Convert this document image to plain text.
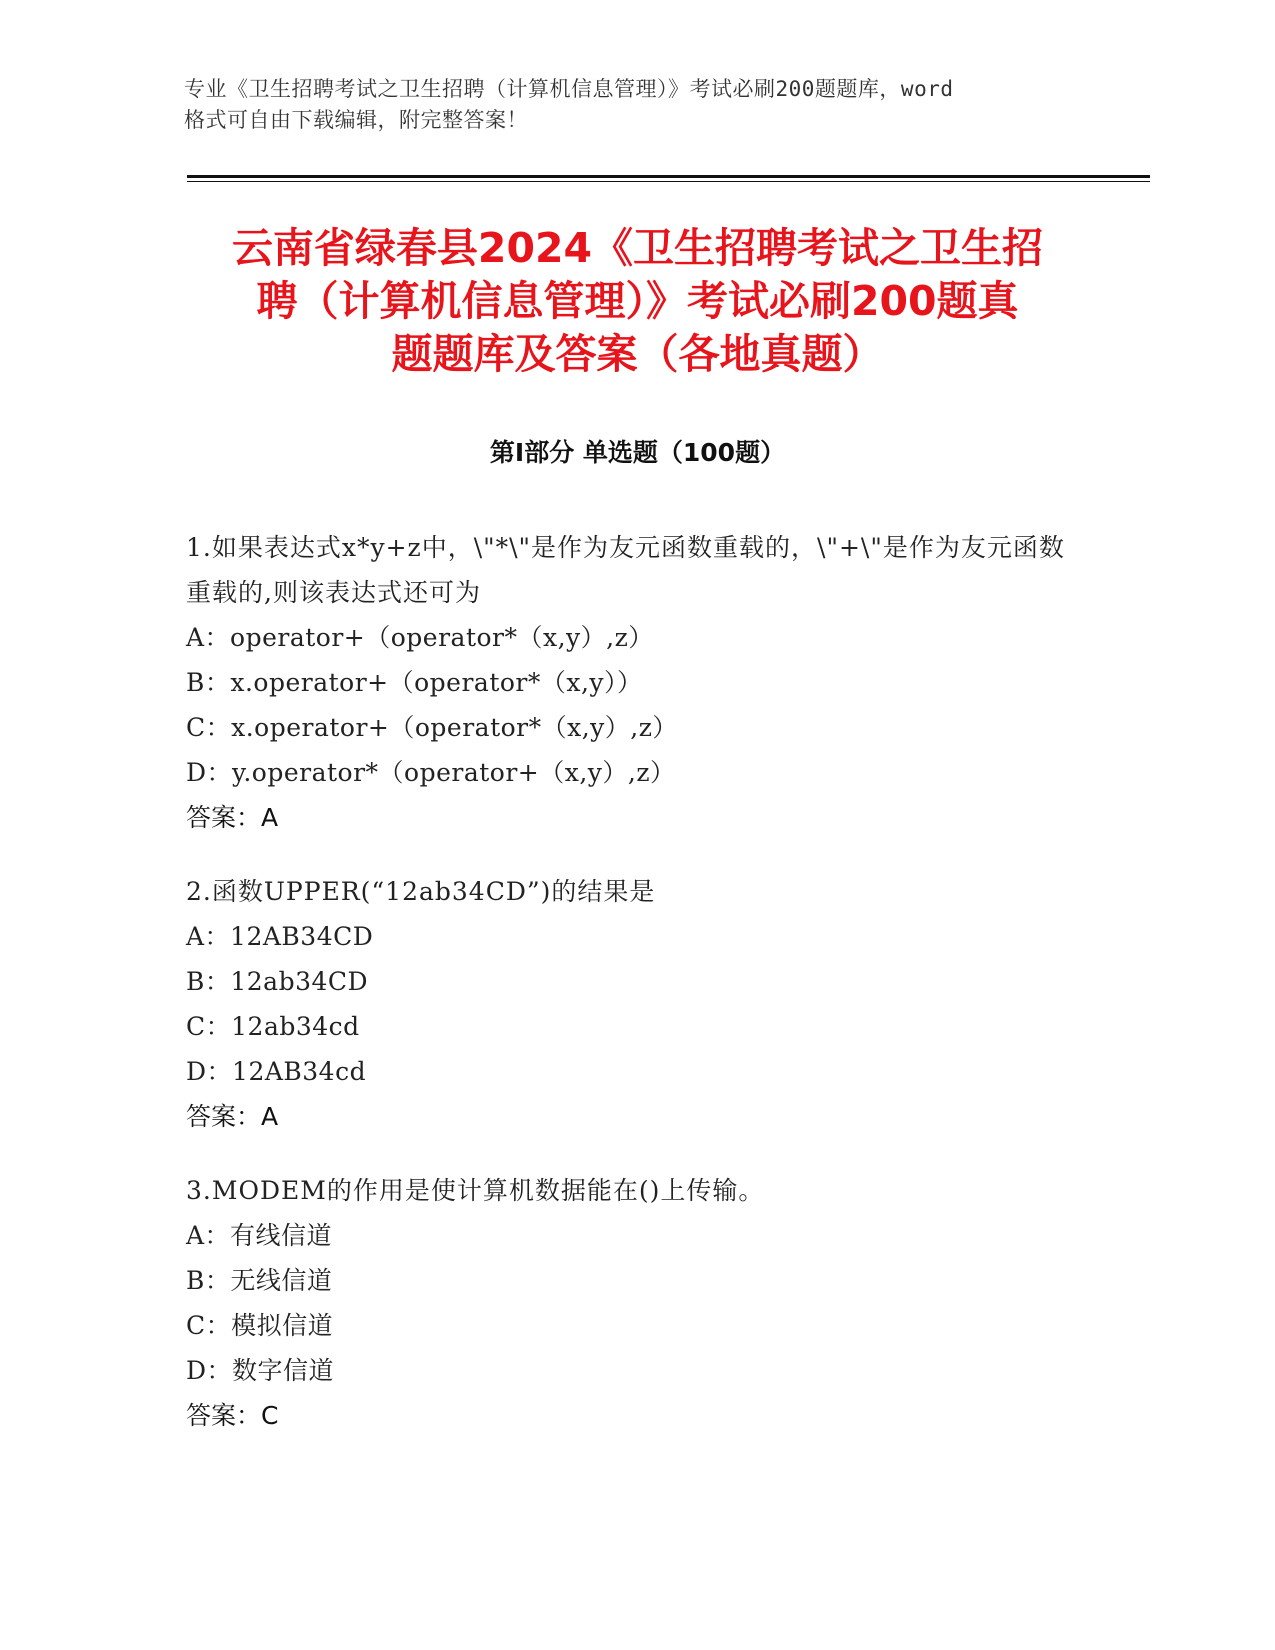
专业《卫生招聘考试之卫生招聘（计算机信息管理）》考试必刷200题题库，word
格式可自由下载编辑，附完整答案！
云南省绿春县2024《卫生招聘考试之卫生招
聘（计算机信息管理）》考试必刷200题真
题题库及答案（各地真题）
第Ⅰ部分 单选题（100题）
1.如果表达式x*y+z中，\"*\"是作为友元函数重载的，\"+\"是作为友元函数重载的,则该表达式还可为
A：operator+（operator*（x,y）,z）
B：x.operator+（operator*（x,y））
C：x.operator+（operator*（x,y）,z）
D：y.operator*（operator+（x,y）,z）
答案：A
2.函数UPPER(“12ab34CD”)的结果是
A：12AB34CD
B：12ab34CD
C：12ab34cd
D：12AB34cd
答案：A
3.MODEM的作用是使计算机数据能在()上传输。
A：有线信道
B：无线信道
C：模拟信道
D：数字信道
答案：C
